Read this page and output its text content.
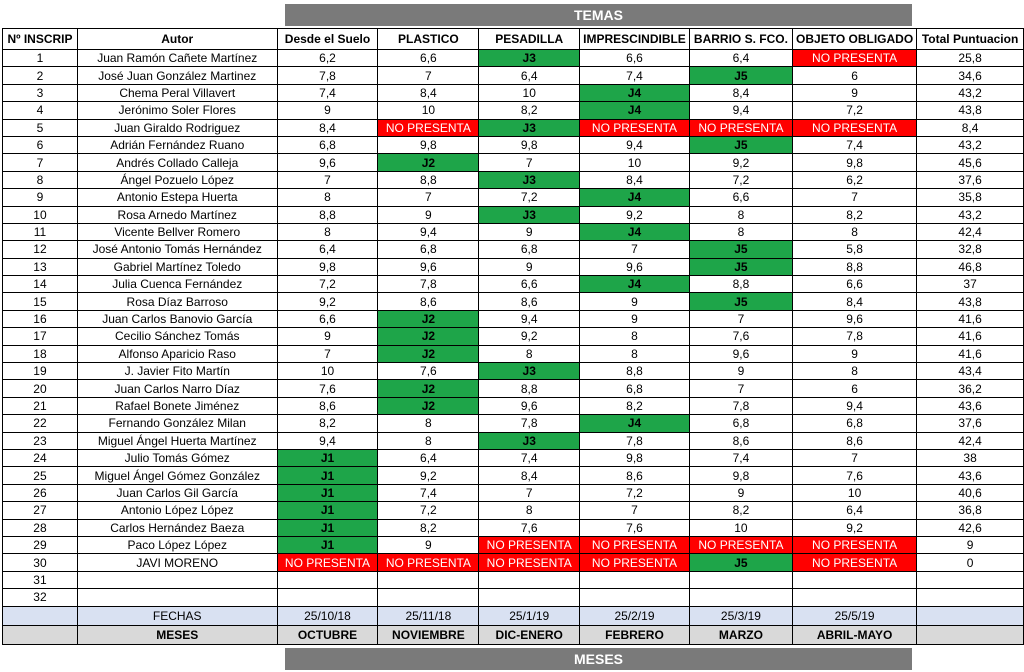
TEMAS
Nº INSCRIP	Autor	Desde el Suelo	PLASTICO	PESADILLA	IMPRESCINDIBLE	BARRIO S. FCO.	OBJETO OBLIGADO	Total Puntuacion
1	Juan Ramón Cañete Martínez	6,2	6,6	J3	6,6	6,4	NO PRESENTA	25,8
2	José Juan González Martinez	7,8	7	6,4	7,4	J5	6	34,6
3	Chema Peral Villavert	7,4	8,4	10	J4	8,4	9	43,2
4	Jerónimo Soler Flores	9	10	8,2	J4	9,4	7,2	43,8
5	Juan Giraldo Rodriguez	8,4	NO PRESENTA	J3	NO PRESENTA	NO PRESENTA	NO PRESENTA	8,4
6	Adrián Fernández Ruano	6,8	9,8	9,8	9,4	J5	7,4	43,2
7	Andrés Collado Calleja	9,6	J2	7	10	9,2	9,8	45,6
8	Ángel Pozuelo López	7	8,8	J3	8,4	7,2	6,2	37,6
9	Antonio Estepa Huerta	8	7	7,2	J4	6,6	7	35,8
10	Rosa Arnedo Martínez	8,8	9	J3	9,2	8	8,2	43,2
11	Vicente Bellver Romero	8	9,4	9	J4	8	8	42,4
12	José Antonio Tomás Hernández	6,4	6,8	6,8	7	J5	5,8	32,8
13	Gabriel Martínez Toledo	9,8	9,6	9	9,6	J5	8,8	46,8
14	Julia Cuenca Fernández	7,2	7,8	6,6	J4	8,8	6,6	37
15	Rosa Díaz Barroso	9,2	8,6	8,6	9	J5	8,4	43,8
16	Juan Carlos Banovio García	6,6	J2	9,4	9	7	9,6	41,6
17	Cecilio Sánchez Tomás	9	J2	9,2	8	7,6	7,8	41,6
18	Alfonso Aparicio Raso	7	J2	8	8	9,6	9	41,6
19	J. Javier Fito Martín	10	7,6	J3	8,8	9	8	43,4
20	Juan Carlos Narro Díaz	7,6	J2	8,8	6,8	7	6	36,2
21	Rafael Bonete Jiménez	8,6	J2	9,6	8,2	7,8	9,4	43,6
22	Fernando González Milan	8,2	8	7,8	J4	6,8	6,8	37,6
23	Miguel Ángel Huerta Martínez	9,4	8	J3	7,8	8,6	8,6	42,4
24	Julio Tomás Gómez	J1	6,4	7,4	9,8	7,4	7	38
25	Miguel Ángel Gómez González	J1	9,2	8,4	8,6	9,8	7,6	43,6
26	Juan Carlos Gil García	J1	7,4	7	7,2	9	10	40,6
27	Antonio López López	J1	7,2	8	7	8,2	6,4	36,8
28	Carlos Hernández Baeza	J1	8,2	7,6	7,6	10	9,2	42,6
29	Paco López López	J1	9	NO PRESENTA	NO PRESENTA	NO PRESENTA	NO PRESENTA	9
30	JAVI MORENO	NO PRESENTA	NO PRESENTA	NO PRESENTA	NO PRESENTA	J5	NO PRESENTA	0
31								
32								
	FECHAS	25/10/18	25/11/18	25/1/19	25/2/19	25/3/19	25/5/19	
	MESES	OCTUBRE	NOVIEMBRE	DIC-ENERO	FEBRERO	MARZO	ABRIL-MAYO	
MESES
